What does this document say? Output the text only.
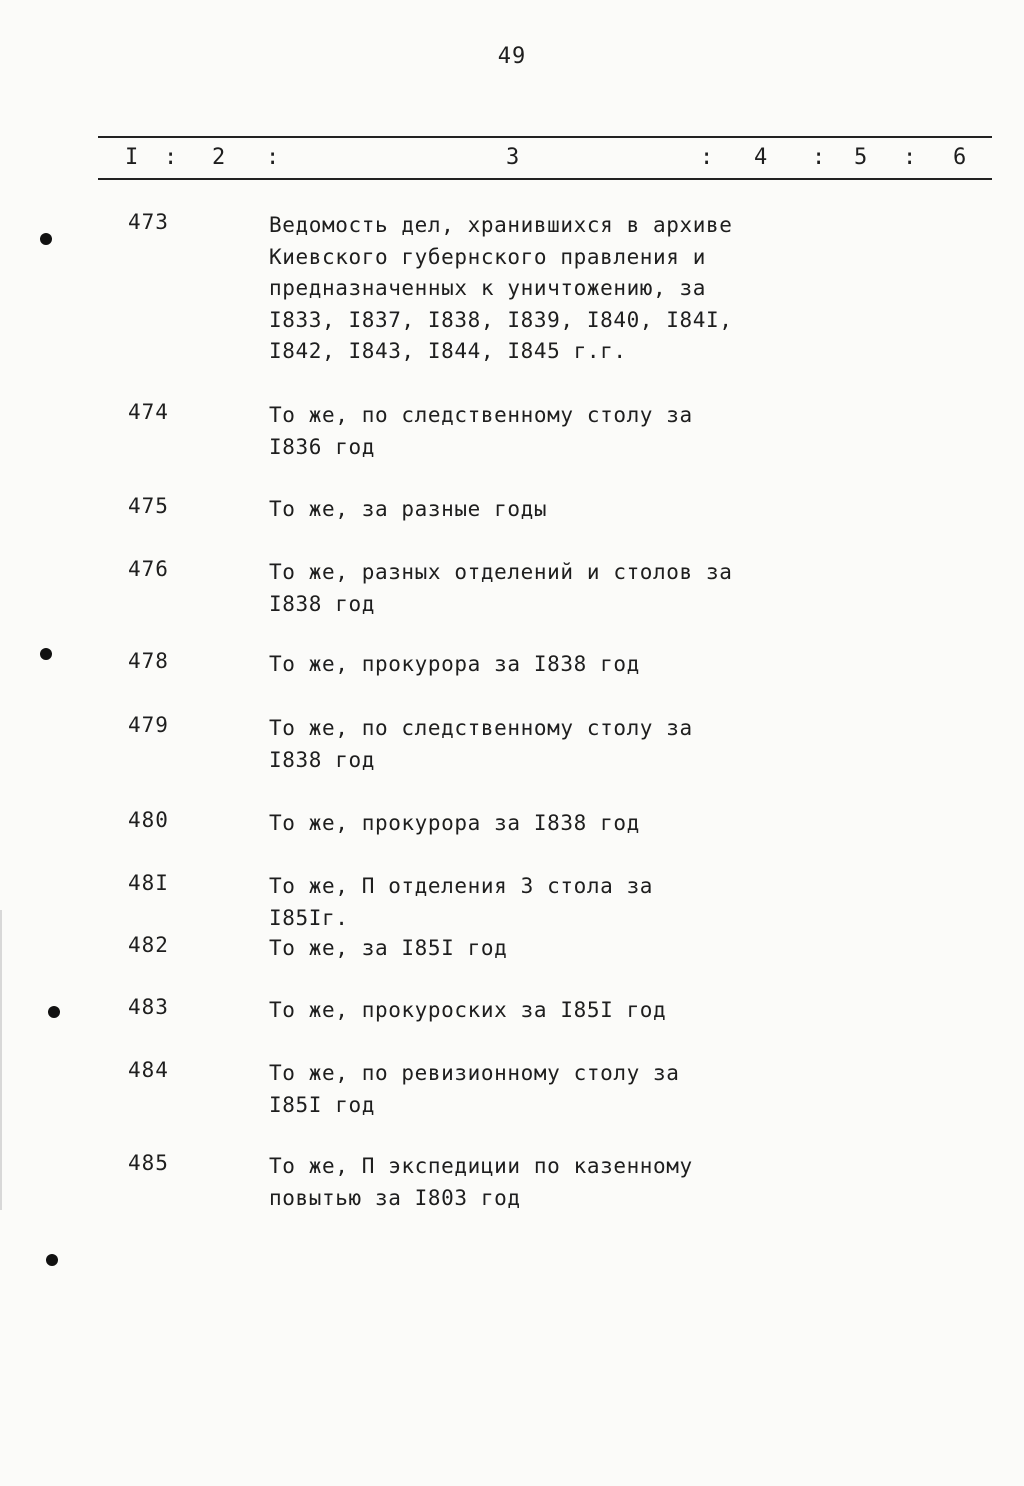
49
I : 2 :	3	: 4 : 5 : 6
473	Ведомость дел, хранившихся в архиве
Киевского губернского правления и
предназначенных к уничтожению, за
I833, I837, I838, I839, I840, I84I,
I842, I843, I844, I845 г.г.
474	То же, по следственному столу за
I836 год
475	То же, за разные годы
476	То же, разных отделений и столов за
I838 год
478	То же, прокурора за I838 год
479	То же, по следственному столу за
I838 год
480	То же, прокурора за I838 год
48I	То же, П отделения 3 стола за I85Iг.
482	То же, за I85I год
483	То же, прокуроских за I85I год
484	То же, по ревизионному столу за
I85I год
485	То же, П экспедиции по казенному
повытью за I803 год
